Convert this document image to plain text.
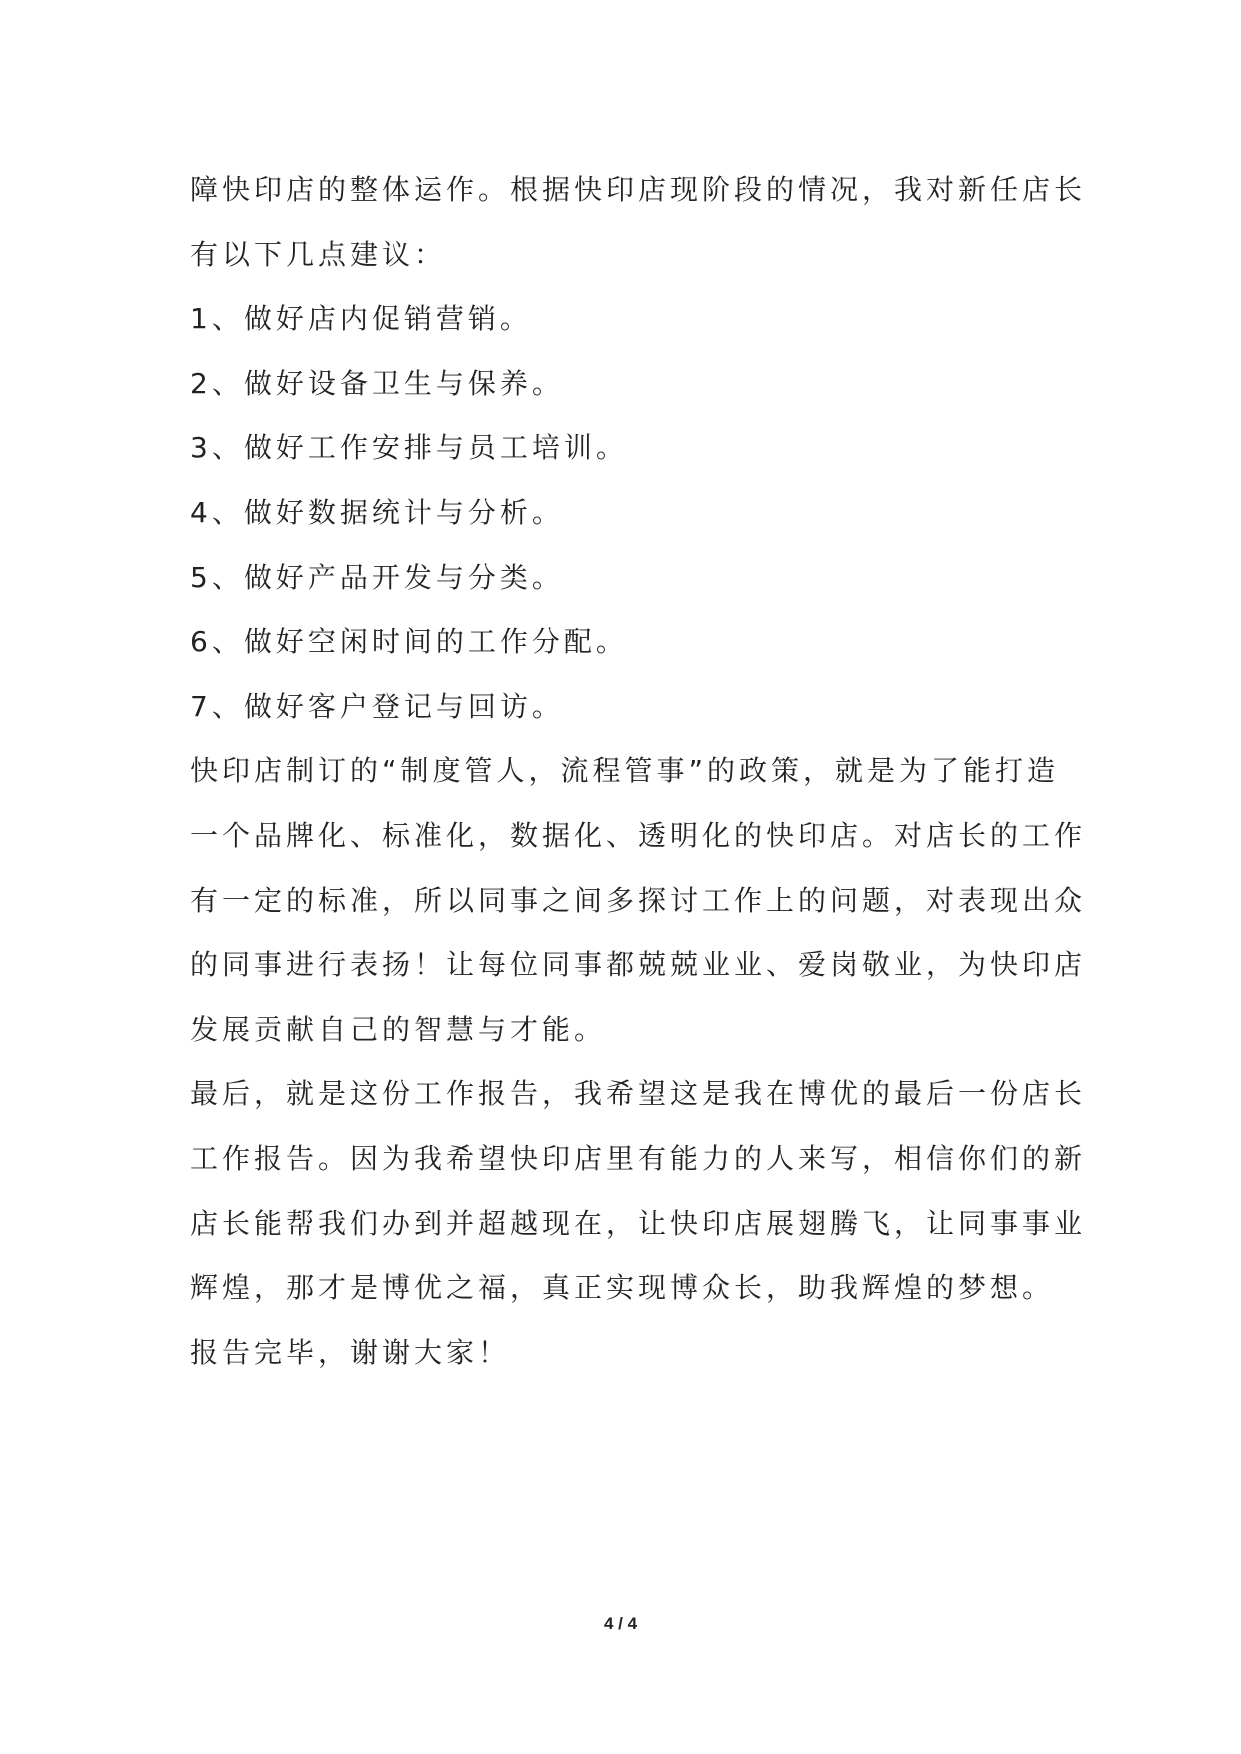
障快印店的整体运作。根据快印店现阶段的情况，我对新任店长
有以下几点建议：
1、做好店内促销营销。
2、做好设备卫生与保养。
3、做好工作安排与员工培训。
4、做好数据统计与分析。
5、做好产品开发与分类。
6、做好空闲时间的工作分配。
7、做好客户登记与回访。
快印店制订的“制度管人，流程管事”的政策，就是为了能打造
一个品牌化、标准化，数据化、透明化的快印店。对店长的工作
有一定的标准，所以同事之间多探讨工作上的问题，对表现出众
的同事进行表扬！让每位同事都兢兢业业、爱岗敬业，为快印店
发展贡献自己的智慧与才能。
最后，就是这份工作报告，我希望这是我在博优的最后一份店长
工作报告。因为我希望快印店里有能力的人来写，相信你们的新
店长能帮我们办到并超越现在，让快印店展翅腾飞，让同事事业
辉煌，那才是博优之福，真正实现博众长，助我辉煌的梦想。
报告完毕，谢谢大家！
4 / 4
